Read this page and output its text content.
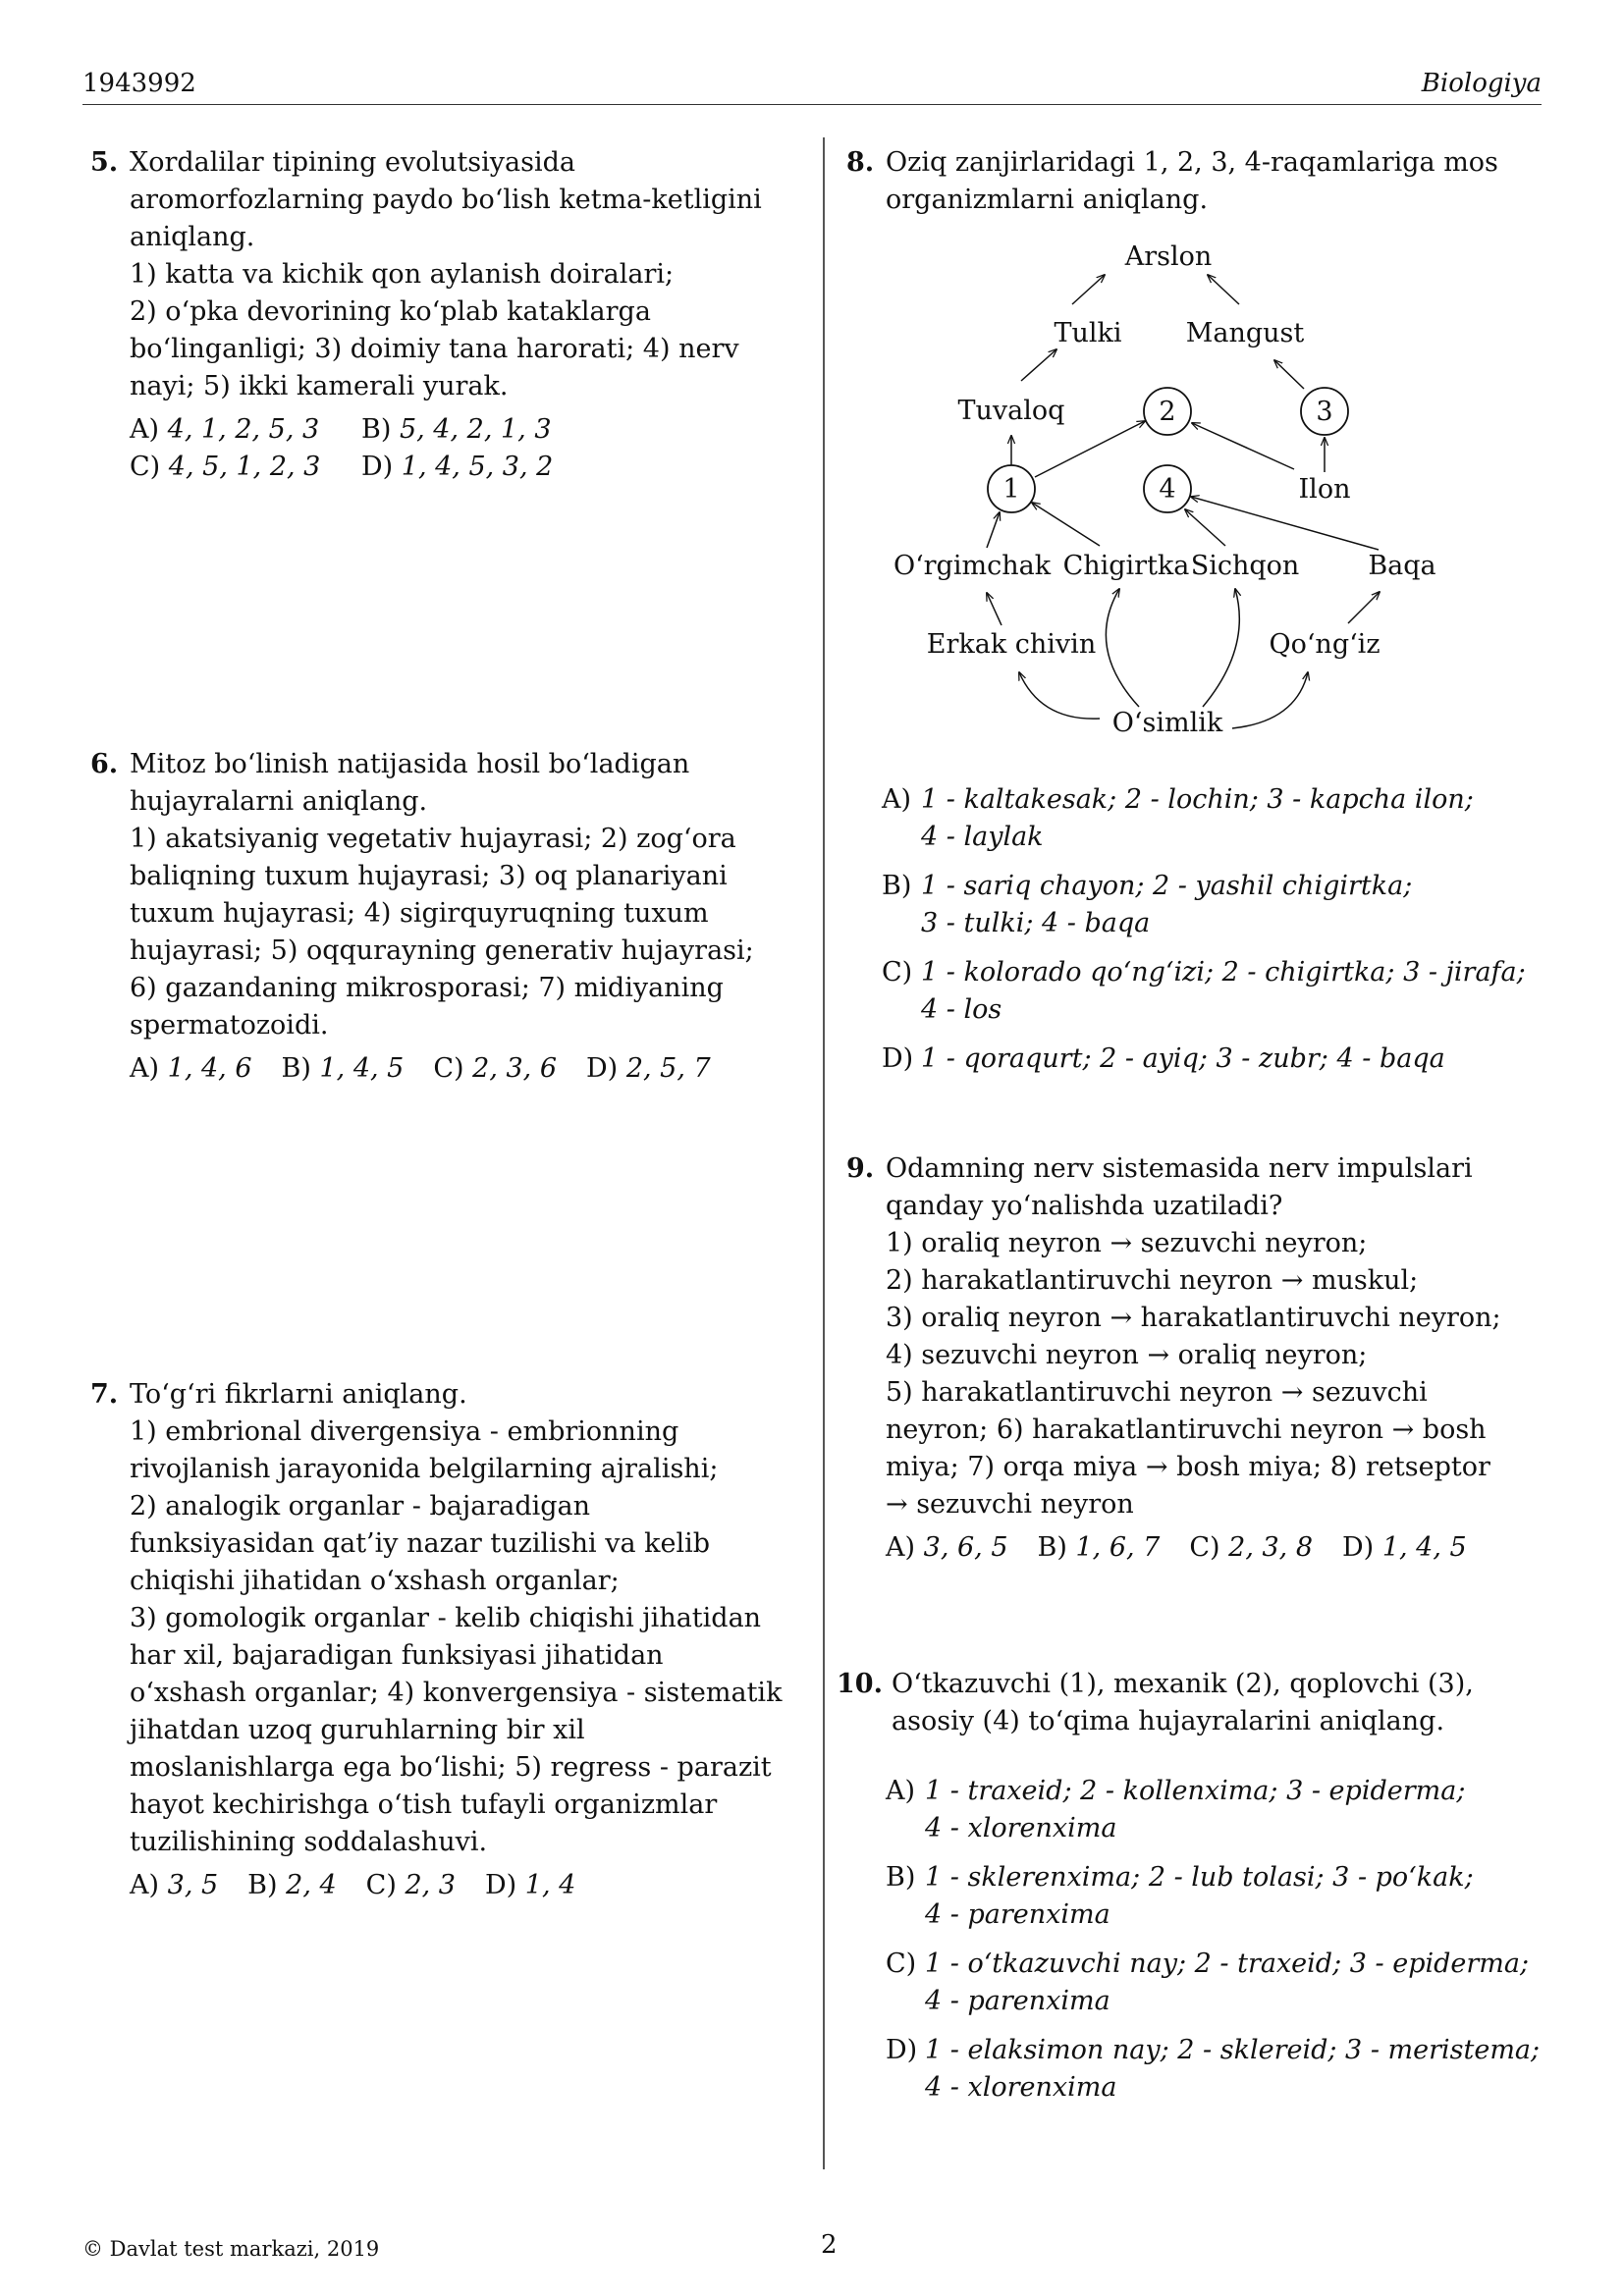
1943992	Biologiya
5. Xordalilar tipining evolutsiyasida
aromorfozlarning paydo bo‘lish ketma-ketligini
aniqlang.
1) katta va kichik qon aylanish doiralari;
2) o‘pka devorining ko‘plab kataklarga
bo‘linganligi; 3) doimiy tana harorati; 4) nerv
nayi; 5) ikki kamerali yurak.
A) 4, 1, 2, 5, 3 B) 5, 4, 2, 1, 3
C) 4, 5, 1, 2, 3 D) 1, 4, 5, 3, 2
6. Mitoz bo‘linish natijasida hosil bo‘ladigan
hujayralarni aniqlang.
1) akatsiyanig vegetativ hujayrasi; 2) zog‘ora
baliqning tuxum hujayrasi; 3) oq planariyani
tuxum hujayrasi; 4) sigirquyruqning tuxum
hujayrasi; 5) oqqurayning generativ hujayrasi;
6) gazandaning mikrosporasi; 7) midiyaning
spermatozoidi.
A) 1, 4, 6 B) 1, 4, 5 C) 2, 3, 6 D) 2, 5, 7
7. To‘g‘ri fikrlarni aniqlang.
1) embrional divergensiya - embrionning
rivojlanish jarayonida belgilarning ajralishi;
2) analogik organlar - bajaradigan
funksiyasidan qat’iy nazar tuzilishi va kelib
chiqishi jihatidan o‘xshash organlar;
3) gomologik organlar - kelib chiqishi jihatidan
har xil, bajaradigan funksiyasi jihatidan
o‘xshash organlar; 4) konvergensiya - sistematik
jihatdan uzoq guruhlarning bir xil
moslanishlarga ega bo‘lishi; 5) regress - parazit
hayot kechirishga o‘tish tufayli organizmlar
tuzilishining soddalashuvi.
A) 3, 5 B) 2, 4 C) 2, 3 D) 1, 4
8. Oziq zanjirlaridagi 1, 2, 3, 4-raqamlariga mos
organizmlarni aniqlang.
Arslon
Tulki Mangust
Tuvaloq	2	3
1	4	Ilon
O‘rgimchak Chigirtka Sichqon	Baqa
Erkak chivin	Qo‘ng‘iz
O‘simlik
A) 1 - kaltakesak; 2 - lochin; 3 - kapcha ilon;
4 - laylak
B) 1 - sariq chayon; 2 - yashil chigirtka;
3 - tulki; 4 - baqa
C) 1 - kolorado qo‘ng‘izi; 2 - chigirtka; 3 - jirafa;
4 - los
D) 1 - qoraqurt; 2 - ayiq; 3 - zubr; 4 - baqa
9. Odamning nerv sistemasida nerv impulslari
qanday yo‘nalishda uzatiladi?
1) oraliq neyron → sezuvchi neyron;
2) harakatlantiruvchi neyron → muskul;
3) oraliq neyron → harakatlantiruvchi neyron;
4) sezuvchi neyron → oraliq neyron;
5) harakatlantiruvchi neyron → sezuvchi
neyron; 6) harakatlantiruvchi neyron → bosh
miya; 7) orqa miya → bosh miya; 8) retseptor
→ sezuvchi neyron
A) 3, 6, 5 B) 1, 6, 7 C) 2, 3, 8 D) 1, 4, 5
10. O‘tkazuvchi (1), mexanik (2), qoplovchi (3),
asosiy (4) to‘qima hujayralarini aniqlang.
A) 1 - traxeid; 2 - kollenxima; 3 - epiderma;
4 - xlorenxima
B) 1 - sklerenxima; 2 - lub tolasi; 3 - po‘kak;
4 - parenxima
C) 1 - o‘tkazuvchi nay; 2 - traxeid; 3 - epiderma;
4 - parenxima
D) 1 - elaksimon nay; 2 - sklereid; 3 - meristema;
4 - xlorenxima
© Davlat test markazi, 2019	2
